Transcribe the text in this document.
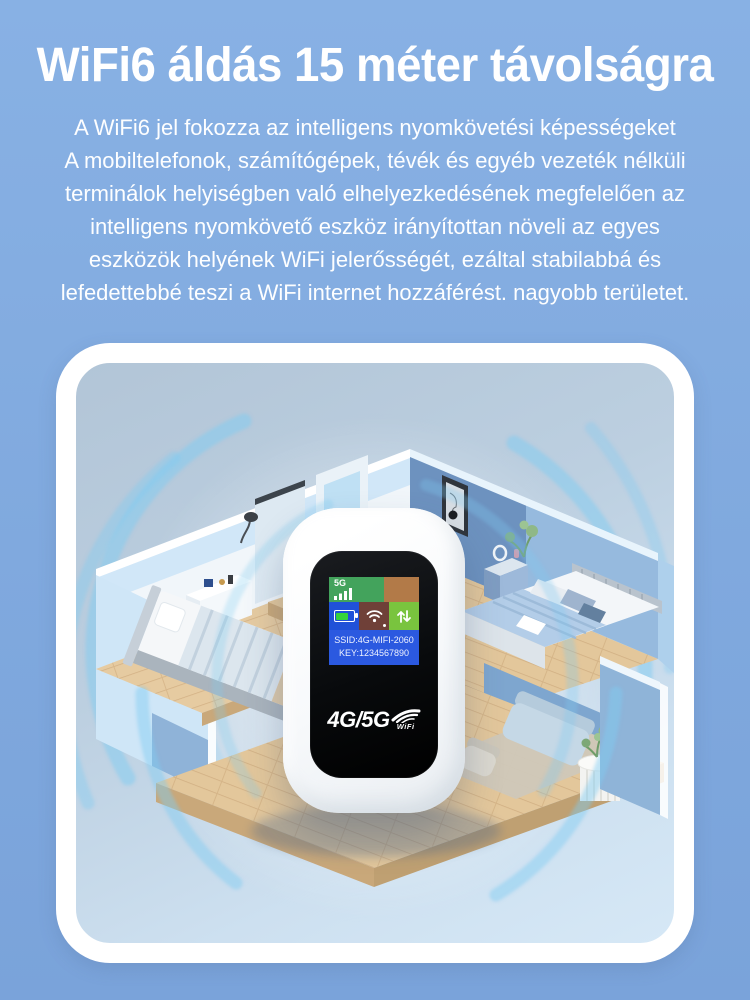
WiFi6 áldás 15 méter távolságra
A WiFi6 jel fokozza az intelligens nyomkövetési képességeket
A mobiltelefonok, számítógépek, tévék és egyéb vezeték nélküli
terminálok helyiségben való elhelyezkedésének megfelelően az
intelligens nyomkövető eszköz irányítottan növeli az egyes
eszközök helyének WiFi jelerősségét, ezáltal stabilabbá és
lefedettebbé teszi a WiFi internet hozzáférést. nagyobb területet.
5G
SSID:4G-MIFI-2060
KEY:1234567890
4G/5G WiFi
